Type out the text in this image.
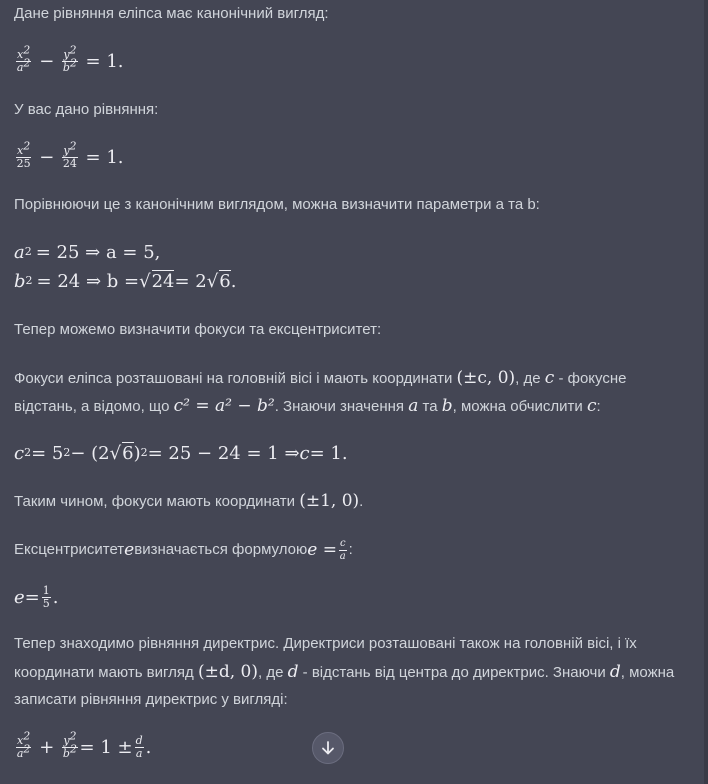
Дане рівняння еліпса має канонічний вигляд:
$\frac{x^2}{a^2} - \frac{y^2}{b^2} = 1$.
У вас дано рівняння:
$\frac{x^2}{25} - \frac{y^2}{24} = 1$.
Порівнюючи це з канонічним виглядом, можна визначити параметри a та b:
a 2 = 25 ⇒ a = 5,
b 2 = 24 ⇒ b = √ 24 = 2 √ 6 .
Тепер можемо визначити фокуси та ексцентриситет:
Фокуси еліпса розташовані на головній вісі і мають координати (±c, 0), де c - фокусне
відстань, а відомо, що c² = a² − b². Знаючи значення a та b, можна обчислити c:
c 2 = 5 2 − (2 √ 6 ) 2 = 25 − 24 = 1 ⇒ c = 1.
Таким чином, фокуси мають координати (±1, 0).
Ексцентриситет e визначається формулою $e = \frac{c}{a}$ :
$e = \frac{1}{5}$ .
Тепер знаходимо рівняння директрис. Директриси розташовані також на головній вісі, і їх
координати мають вигляд (±d, 0), де d - відстань від центра до директрис. Знаючи d, можна
записати рівняння директрис у вигляді:
$\frac{x^2}{a^2} + \frac{y^2}{b^2} = 1 \pm \frac{d}{a}$ .
